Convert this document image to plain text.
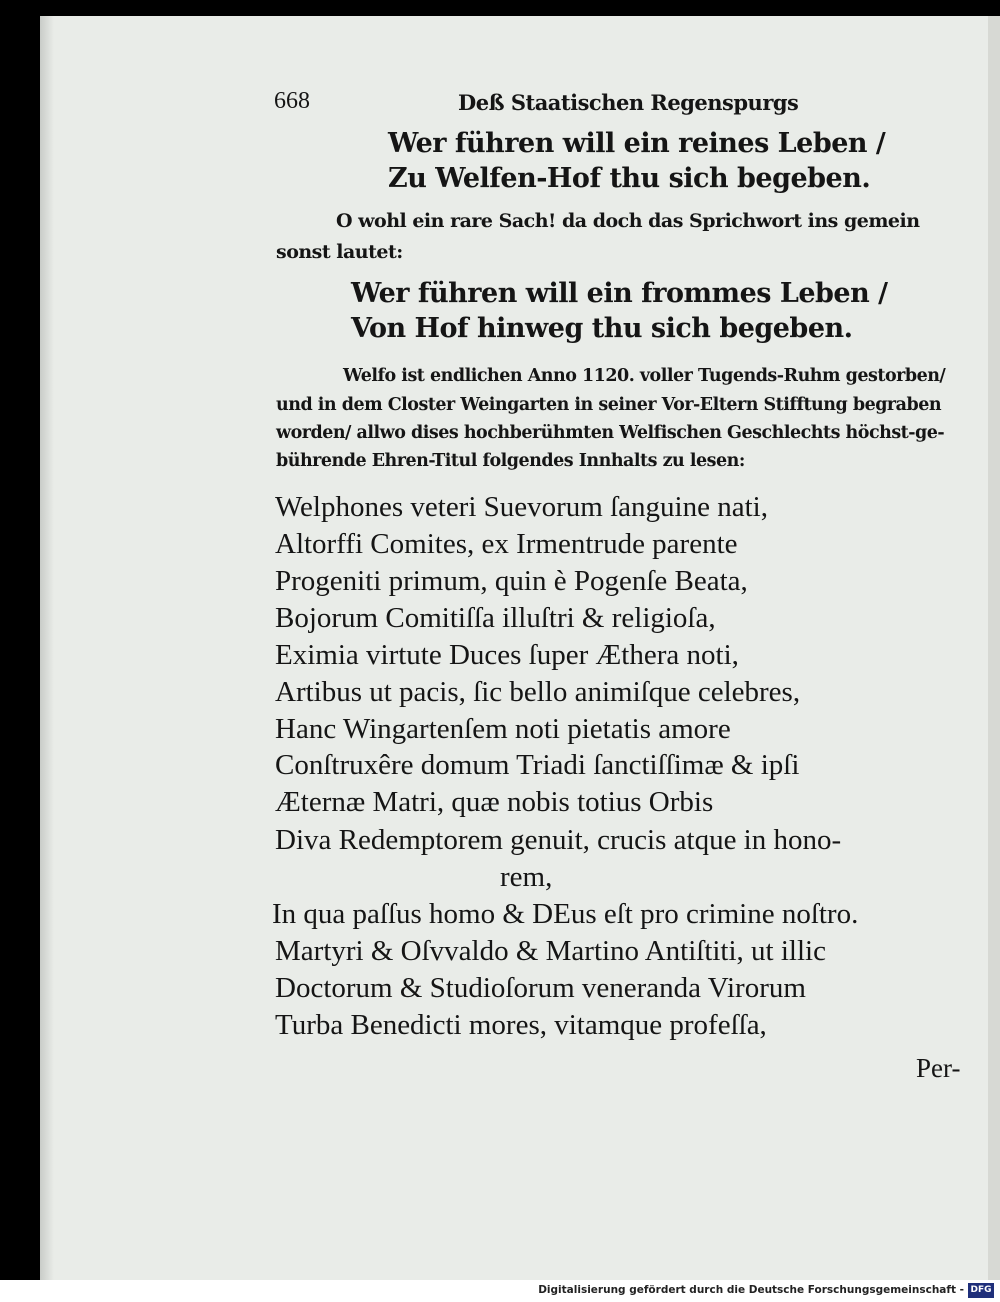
668	Deß Staatischen Regenspurgs
Wer führen will ein reines Leben /
Zu Welfen-Hof thu sich begeben.
O wohl ein rare Sach! da doch das Sprichwort ins gemein
sonst lautet:
Wer führen will ein frommes Leben /
Von Hof hinweg thu sich begeben.
Welfo ist endlichen Anno 1120. voller Tugends-Ruhm gestorben/
und in dem Closter Weingarten in seiner Vor-Eltern Stifftung begraben
worden/ allwo dises hochberühmten Welfischen Geschlechts höchst-ge-
bührende Ehren-Titul folgendes Innhalts zu lesen:
Welphones veteri Suevorum ſanguine nati,
Altorffi Comites, ex Irmentrude parente
Progeniti primum, quin è Pogenſe Beata,
Bojorum Comitiſſa illuſtri & religioſa,
Eximia virtute Duces ſuper Æthera noti,
Artibus ut pacis, ſic bello animiſque celebres,
Hanc Wingartenſem noti pietatis amore
Conſtruxêre domum Triadi ſanctiſſimæ & ipſi
Æternæ Matri, quæ nobis totius Orbis
Diva Redemptorem genuit, crucis atque in hono-
rem,
In qua paſſus homo & DEus eſt pro crimine noſtro.
Martyri & Oſvvaldo & Martino Antiſtiti, ut illic
Doctorum & Studioſorum veneranda Virorum
Turba Benedicti mores, vitamque profeſſa,
Per-
Digitalisierung gefördert durch die Deutsche Forschungsgemeinschaft - DFG
